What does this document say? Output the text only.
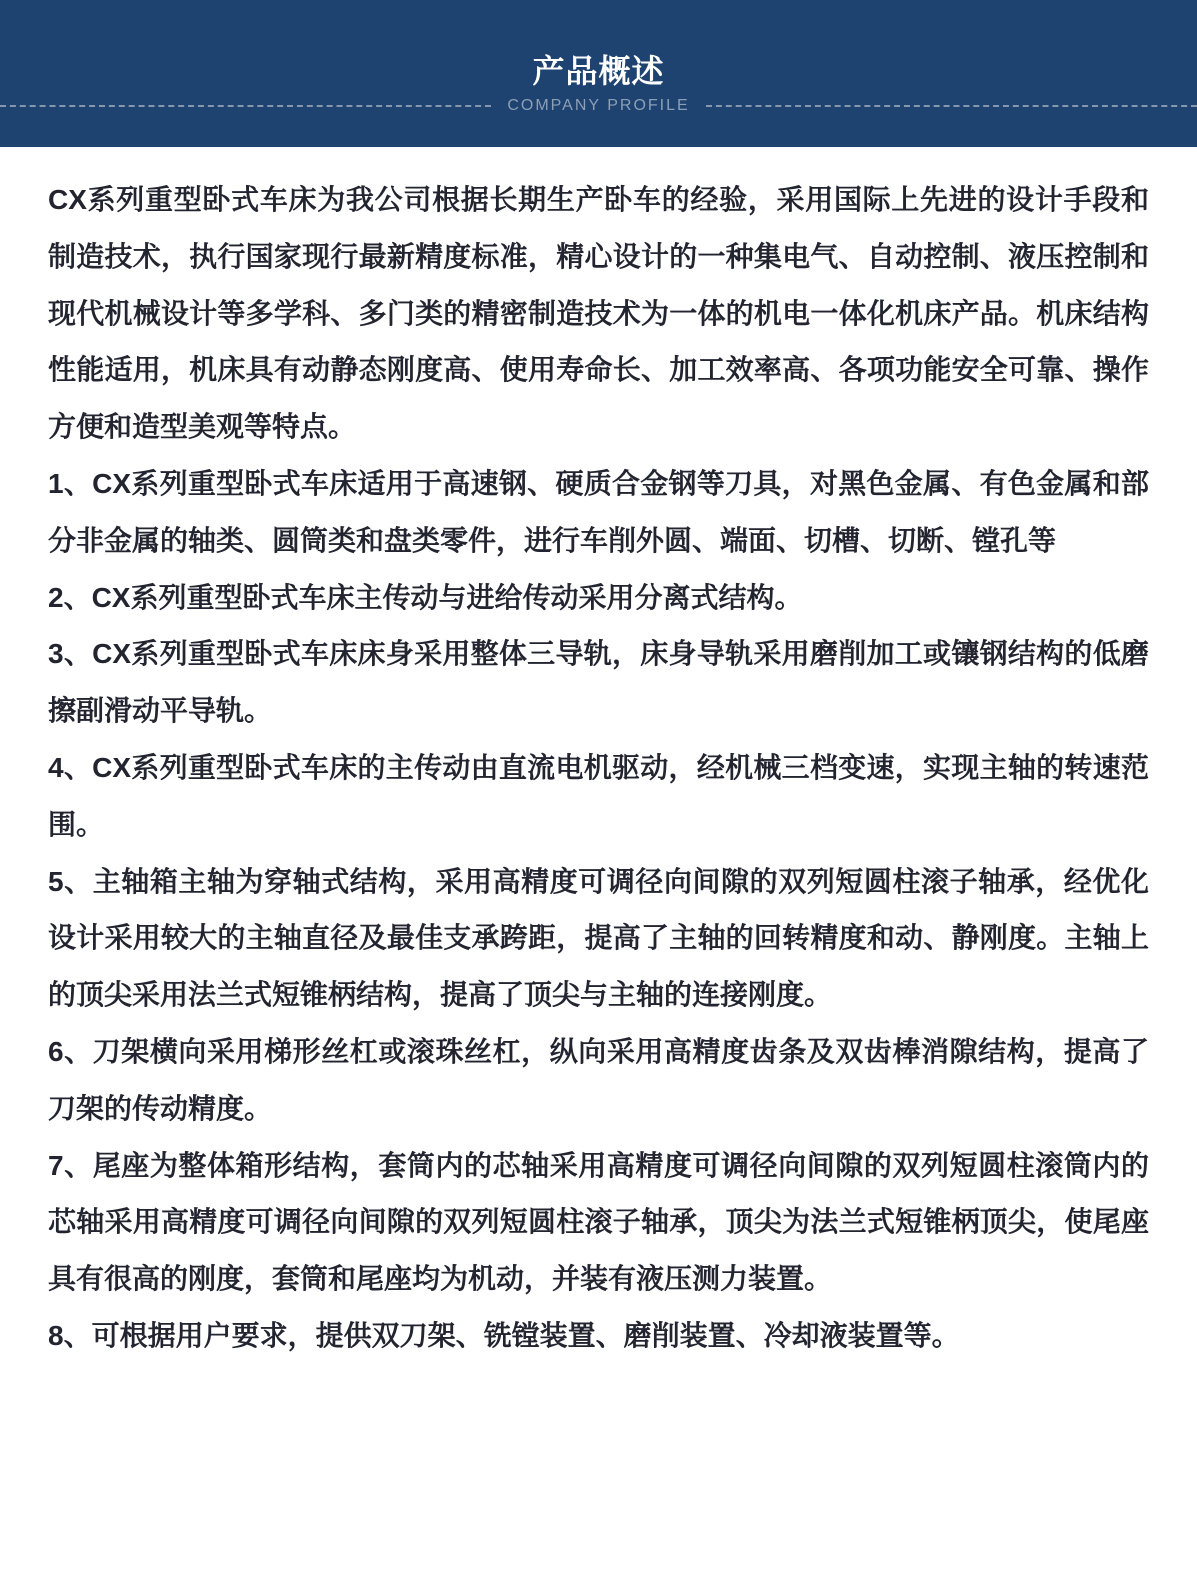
产品概述
COMPANY PROFILE

CX系列重型卧式车床为我公司根据长期生产卧车的经验，采用国际上先进的设计手段和制造技术，执行国家现行最新精度标准，精心设计的一种集电气、自动控制、液压控制和现代机械设计等多学科、多门类的精密制造技术为一体的机电一体化机床产品。机床结构性能适用，机床具有动静态刚度高、使用寿命长、加工效率高、各项功能安全可靠、操作方便和造型美观等特点。

1、CX系列重型卧式车床适用于高速钢、硬质合金钢等刀具，对黑色金属、有色金属和部分非金属的轴类、圆筒类和盘类零件，进行车削外圆、端面、切槽、切断、镗孔等

2、CX系列重型卧式车床主传动与进给传动采用分离式结构。

3、CX系列重型卧式车床床身采用整体三导轨，床身导轨采用磨削加工或镶钢结构的低磨擦副滑动平导轨。

4、CX系列重型卧式车床的主传动由直流电机驱动，经机械三档变速，实现主轴的转速范围。

5、主轴箱主轴为穿轴式结构，采用高精度可调径向间隙的双列短圆柱滚子轴承，经优化设计采用较大的主轴直径及最佳支承跨距，提高了主轴的回转精度和动、静刚度。主轴上的顶尖采用法兰式短锥柄结构，提高了顶尖与主轴的连接刚度。

6、刀架横向采用梯形丝杠或滚珠丝杠，纵向采用高精度齿条及双齿棒消隙结构，提高了刀架的传动精度。

7、尾座为整体箱形结构，套筒内的芯轴采用高精度可调径向间隙的双列短圆柱滚筒内的芯轴采用高精度可调径向间隙的双列短圆柱滚子轴承，顶尖为法兰式短锥柄顶尖，使尾座具有很高的刚度，套筒和尾座均为机动，并装有液压测力装置。

8、可根据用户要求，提供双刀架、铣镗装置、磨削装置、冷却液装置等。
